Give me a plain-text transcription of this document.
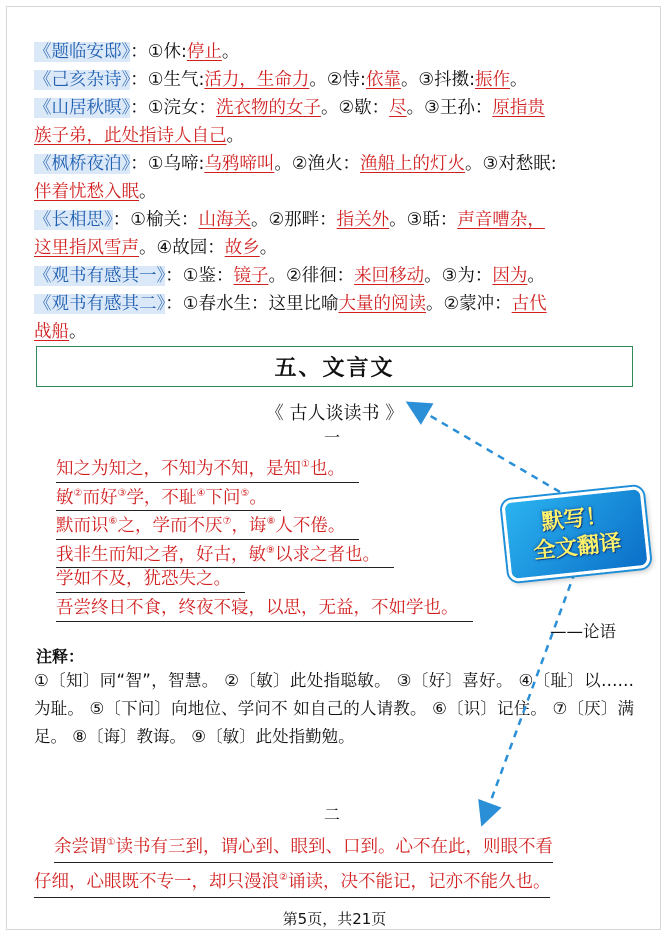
《题临安邸》：①休:停止。
《己亥杂诗》：①生气:活力，生命力。②恃:依靠。③抖擞:振作。
《山居秋暝》：①浣女：洗衣物的女子。②歇：尽。③王孙：原指贵
族子弟，此处指诗人自己。
《枫桥夜泊》：①乌啼:乌鸦啼叫。②渔火：渔船上的灯火。③对愁眠:
伴着忧愁入眠。
《长相思》：①榆关：山海关。②那畔：指关外。③聒：声音嘈杂，
这里指风雪声。④故园：故乡。
《观书有感其一》：①鉴：镜子。②徘徊：来回移动。③为：因为。
《观书有感其二》：①春水生：这里比喻大量的阅读。②蒙冲：古代
战船。
五、文言文
《 古人谈读书 》
一
知之为知之，不知为不知，是知①也。
敏②而好③学，不耻④下问⑤。
默而识⑥之，学而不厌⑦，诲⑧人不倦。
我非生而知之者，好古，敏⑨以求之者也。
学如不及，犹恐失之。
吾尝终日不食，终夜不寝，以思，无益，不如学也。
——论语
注释：
①〔知〕同“智”，智慧。 ②〔敏〕此处指聪敏。 ③〔好〕喜好。 ④〔耻〕以……为耻。 ⑤〔下问〕向地位、学问不 如自己的人请教。 ⑥〔识〕记住。 ⑦〔厌〕满足。 ⑧〔诲〕教诲。 ⑨〔敏〕此处指勤勉。
二
余尝谓①读书有三到，谓心到、眼到、口到。心不在此，则眼不看
仔细，心眼既不专一，却只漫浪②诵读，决不能记，记亦不能久也。
默写！
全文翻译
第5页，共21页
